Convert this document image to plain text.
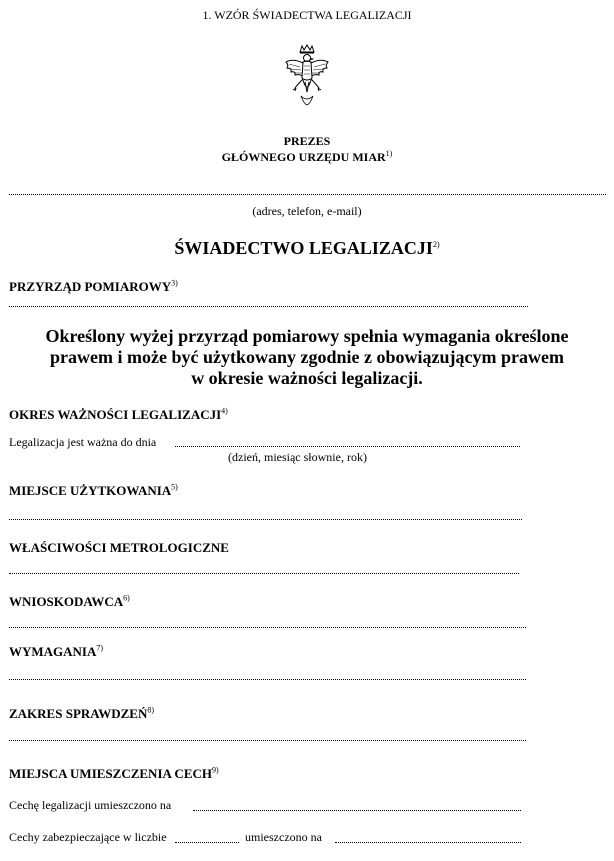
1. WZÓR ŚWIADECTWA LEGALIZACJI
PREZES
GŁÓWNEGO URZĘDU MIAR$^{1)}$
(adres, telefon, e-mail)
ŚWIADECTWO LEGALIZACJI$^{2)}$
PRZYRZĄD POMIAROWY$^{3)}$
Określony wyżej przyrząd pomiarowy spełnia wymagania określone
prawem i może być użytkowany zgodnie z obowiązującym prawem
w okresie ważności legalizacji.
OKRES WAŻNOŚCI LEGALIZACJI$^{4)}$
Legalizacja jest ważna do dnia
(dzień, miesiąc słownie, rok)
MIEJSCE UŻYTKOWANIA$^{5)}$
WŁAŚCIWOŚCI METROLOGICZNE
WNIOSKODAWCA$^{6)}$
WYMAGANIA$^{7)}$
ZAKRES SPRAWDZEŃ$^{8)}$
MIEJSCA UMIESZCZENIA CECH$^{9)}$
Cechę legalizacji umieszczono na
Cechy zabezpieczające w liczbie	umieszczono na
